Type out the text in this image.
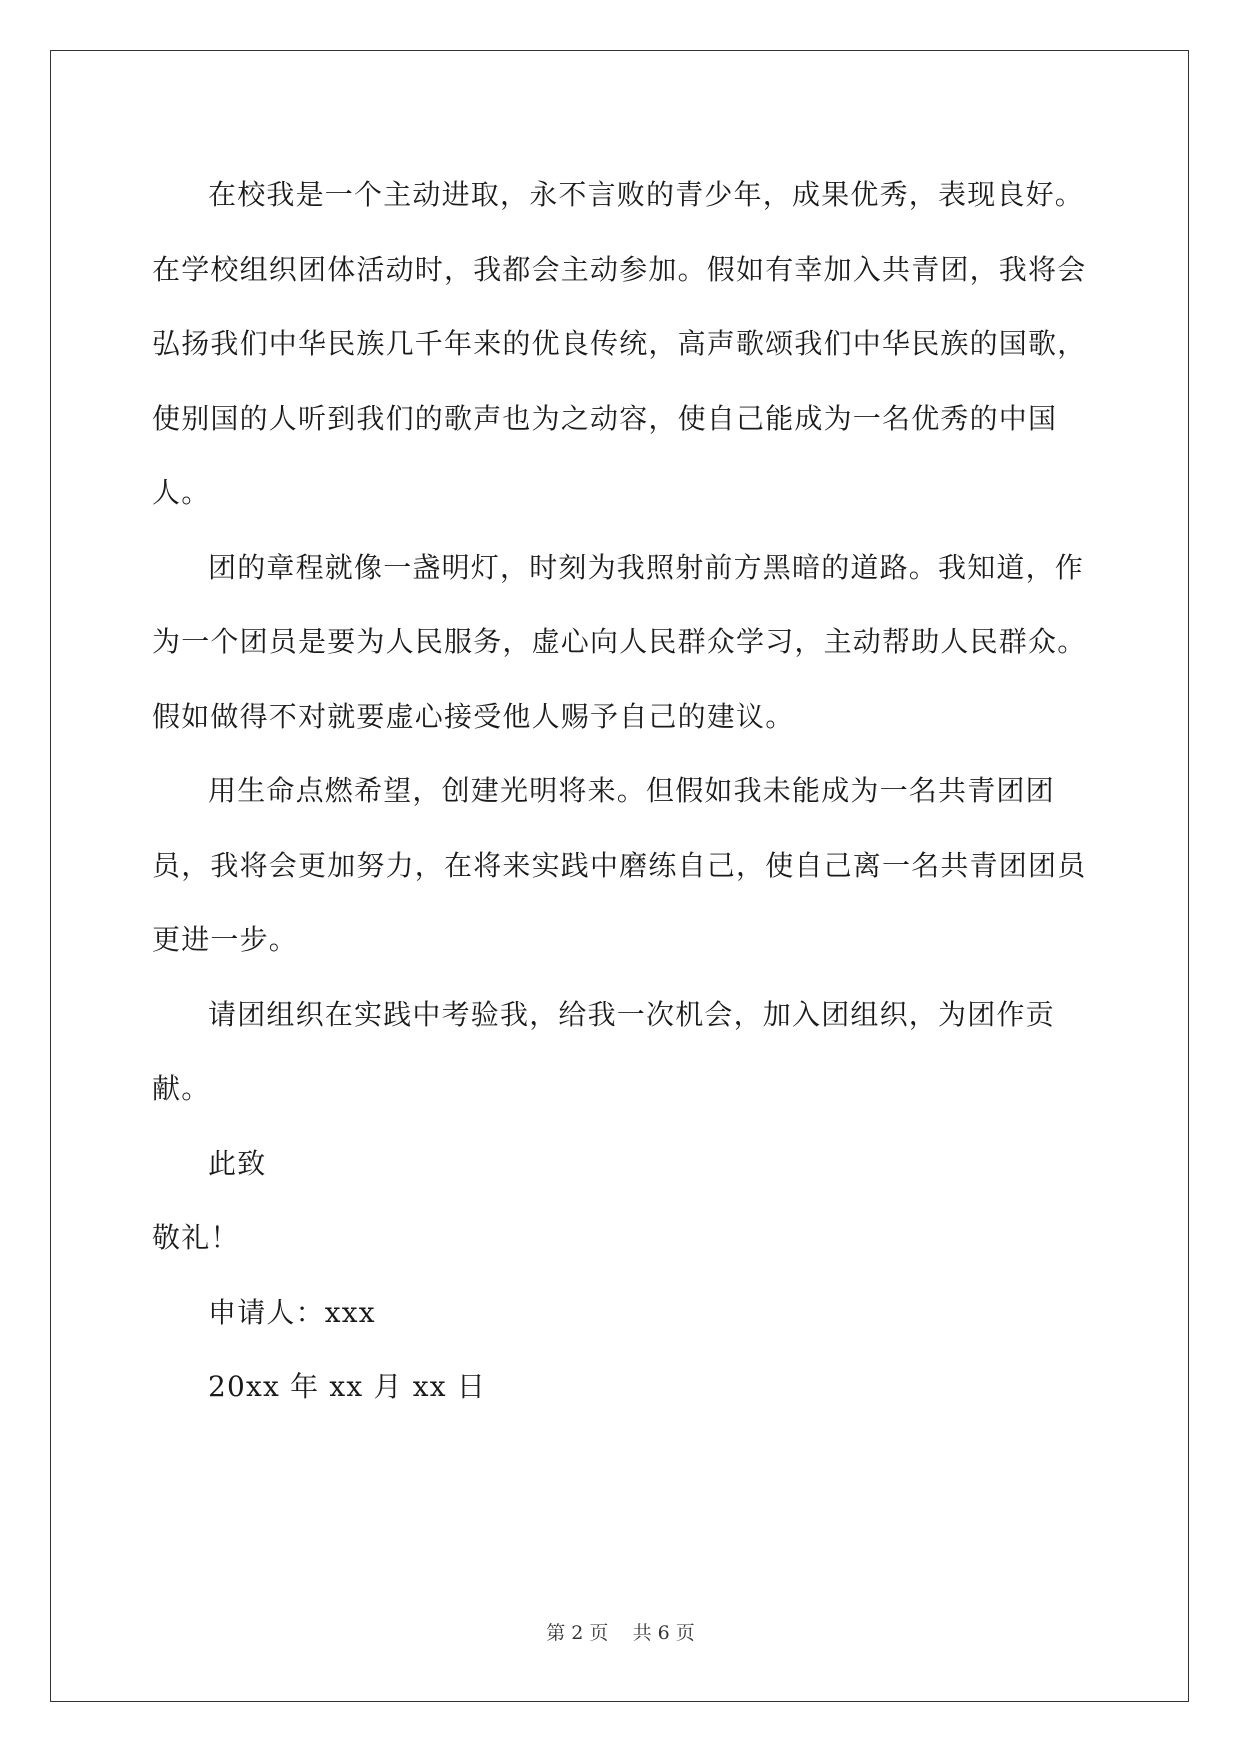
在校我是一个主动进取，永不言败的青少年，成果优秀，表现良好。在学校组织团体活动时，我都会主动参加。假如有幸加入共青团，我将会弘扬我们中华民族几千年来的优良传统，高声歌颂我们中华民族的国歌，使别国的人听到我们的歌声也为之动容，使自己能成为一名优秀的中国人。

团的章程就像一盏明灯，时刻为我照射前方黑暗的道路。我知道，作为一个团员是要为人民服务，虚心向人民群众学习，主动帮助人民群众。假如做得不对就要虚心接受他人赐予自己的建议。

用生命点燃希望，创建光明将来。但假如我未能成为一名共青团团员，我将会更加努力，在将来实践中磨练自己，使自己离一名共青团团员更进一步。

请团组织在实践中考验我，给我一次机会，加入团组织，为团作贡献。

此致

敬礼！

申请人：xxx

20xx 年 xx 月 xx 日

第 2 页    共 6 页
